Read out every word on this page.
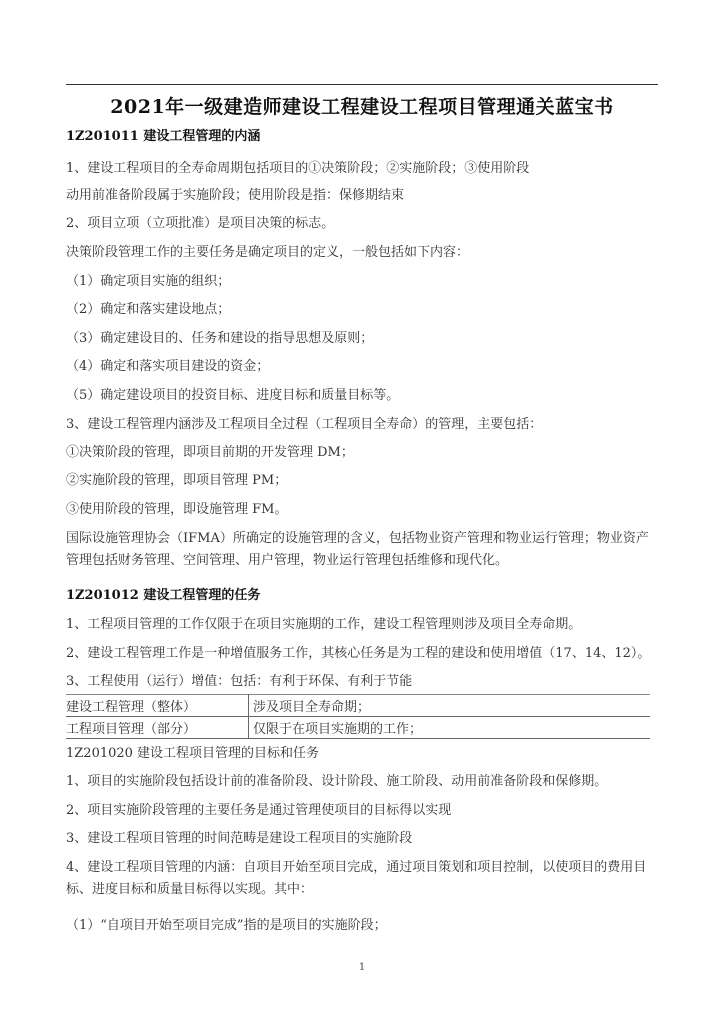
2021年一级建造师建设工程建设工程项目管理通关蓝宝书
1Z201011 建设工程管理的内涵
1、建设工程项目的全寿命周期包括项目的①决策阶段；②实施阶段；③使用阶段
动用前准备阶段属于实施阶段；使用阶段是指：保修期结束
2、项目立项（立项批准）是项目决策的标志。
决策阶段管理工作的主要任务是确定项目的定义，一般包括如下内容：
（1）确定项目实施的组织；
（2）确定和落实建设地点；
（3）确定建设目的、任务和建设的指导思想及原则；
（4）确定和落实项目建设的资金；
（5）确定建设项目的投资目标、进度目标和质量目标等。
3、建设工程管理内涵涉及工程项目全过程（工程项目全寿命）的管理，主要包括：
①决策阶段的管理，即项目前期的开发管理 DM；
②实施阶段的管理，即项目管理 PM；
③使用阶段的管理，即设施管理 FM。
国际设施管理协会（IFMA）所确定的设施管理的含义，包括物业资产管理和物业运行管理；物业资产管理包括财务管理、空间管理、用户管理，物业运行管理包括维修和现代化。
1Z201012 建设工程管理的任务
1、工程项目管理的工作仅限于在项目实施期的工作，建设工程管理则涉及项目全寿命期。
2、建设工程管理工作是一种增值服务工作，其核心任务是为工程的建设和使用增值（17、14、12）。
3、工程使用（运行）增值：包括：有利于环保、有利于节能
建设工程管理（整体）	涉及项目全寿命期；
工程项目管理（部分）	仅限于在项目实施期的工作；
1Z201020 建设工程项目管理的目标和任务
1、项目的实施阶段包括设计前的准备阶段、设计阶段、施工阶段、动用前准备阶段和保修期。
2、项目实施阶段管理的主要任务是通过管理使项目的目标得以实现
3、建设工程项目管理的时间范畴是建设工程项目的实施阶段
4、建设工程项目管理的内涵：自项目开始至项目完成，通过项目策划和项目控制，以使项目的费用目标、进度目标和质量目标得以实现。其中：
（1）“自项目开始至项目完成”指的是项目的实施阶段；
1
